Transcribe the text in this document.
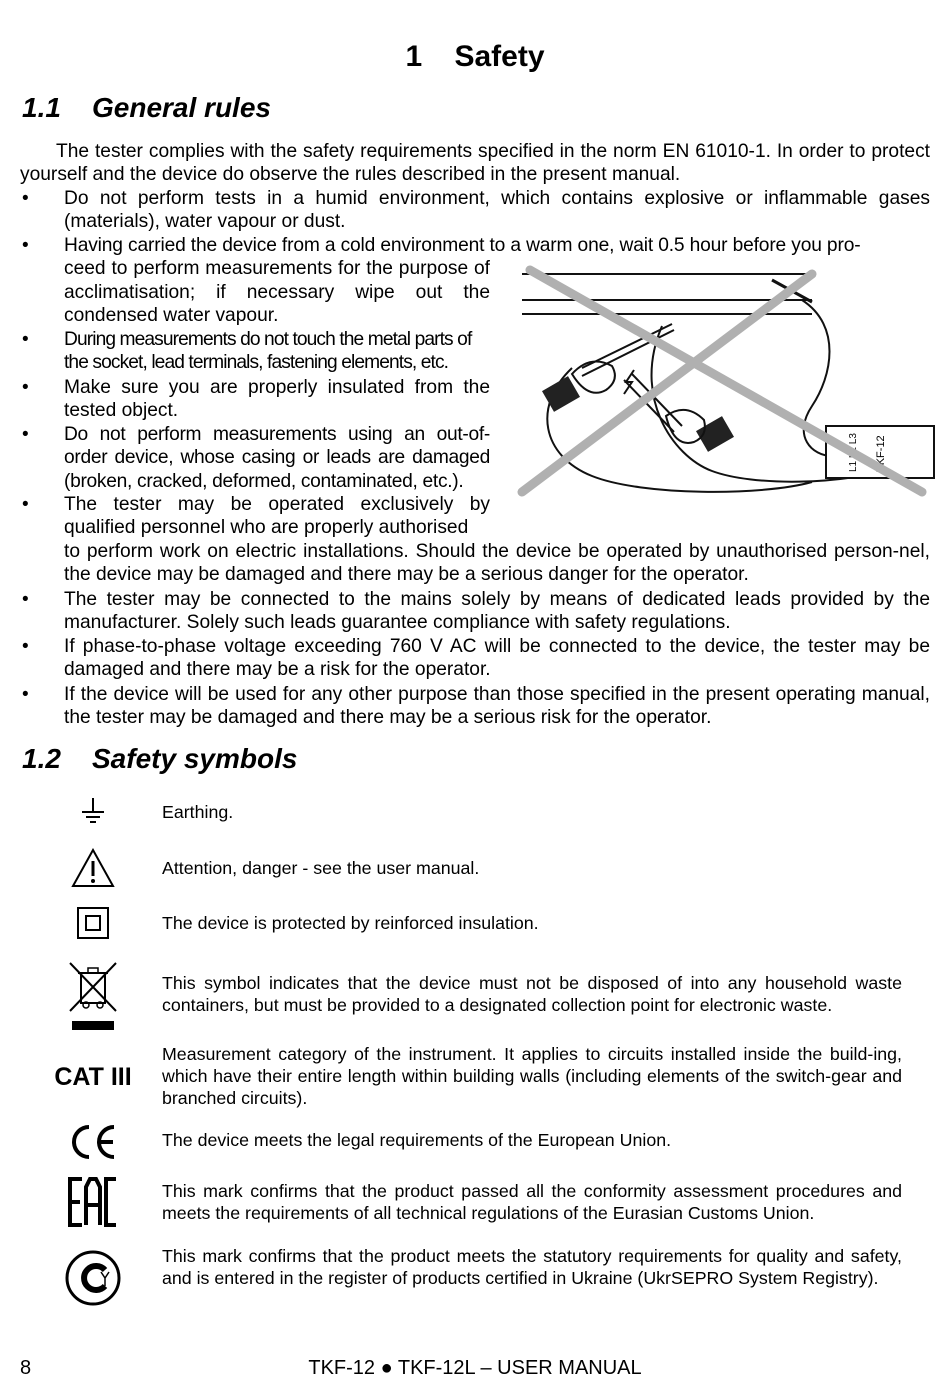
1 Safety
1.1 General rules
The tester complies with the safety requirements specified in the norm EN 61010-1. In order to protect yourself and the device do observe the rules described in the present manual.
• Do not perform tests in a humid environment, which contains explosive or inflammable gases (materials), water vapour or dust.
• Having carried the device from a cold environment to a warm one, wait 0.5 hour before you pro-
ceed to perform measurements for the purpose of acclimatisation; if necessary wipe out the condensed water vapour.
• During measurements do not touch the metal parts of the socket, lead terminals, fastening elements, etc.
• Make sure you are properly insulated from the tested object.
• Do not perform measurements using an out-of-order device, whose casing or leads are damaged (broken, cracked, deformed, contaminated, etc.).
• The tester may be operated exclusively by qualified personnel who are properly authorised
to perform work on electric installations. Should the device be operated by unauthorised person-nel, the device may be damaged and there may be a serious danger for the operator.
• The tester may be connected to the mains solely by means of dedicated leads provided by the manufacturer. Solely such leads guarantee compliance with safety regulations.
• If phase-to-phase voltage exceeding 760 V AC will be connected to the device, the tester may be damaged and there may be a risk for the operator.
• If the device will be used for any other purpose than those specified in the present operating manual, the tester may be damaged and there may be a serious risk for the operator.
TKF-12
1.2 Safety symbols
Earthing.
Attention, danger - see the user manual.
The device is protected by reinforced insulation.
This symbol indicates that the device must not be disposed of into any household waste containers, but must be provided to a designated collection point for electronic waste.
CAT III
Measurement category of the instrument. It applies to circuits installed inside the build-ing, which have their entire length within building walls (including elements of the switch-gear and branched circuits).
The device meets the legal requirements of the European Union.
This mark confirms that the product passed all the conformity assessment procedures and meets the requirements of all technical regulations of the Eurasian Customs Union.
This mark confirms that the product meets the statutory requirements for quality and safety, and is entered in the register of products certified in Ukraine (UkrSEPRO System Registry).
8	TKF-12 ● TKF-12L – USER MANUAL
